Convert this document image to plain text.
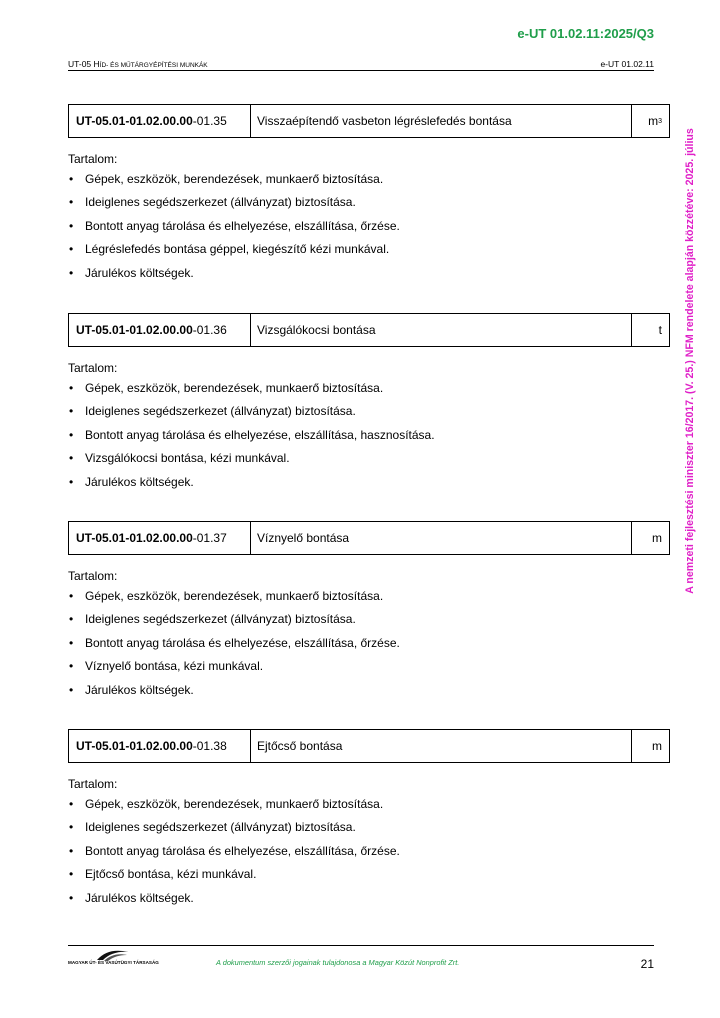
e-UT 01.02.11:2025/Q3
UT-05 HÍD- ÉS MŰTÁRGYÉPÍTÉSI MUNKÁK	e-UT 01.02.11
A nemzeti fejlesztési miniszter 16/2017. (V. 25.) NFM rendelete alapján közzétéve: 2025. július
UT-05.01-01.02.00.00 -01.35	Visszaépítendő vasbeton légréslefedés bontása	m 3
Tartalom:
• Gépek, eszközök, berendezések, munkaerő biztosítása.
• Ideiglenes segédszerkezet (állványzat) biztosítása.
• Bontott anyag tárolása és elhelyezése, elszállítása, őrzése.
• Légréslefedés bontása géppel, kiegészítő kézi munkával.
• Járulékos költségek.
UT-05.01-01.02.00.00 -01.36	Vizsgálókocsi bontása	t
Tartalom:
• Gépek, eszközök, berendezések, munkaerő biztosítása.
• Ideiglenes segédszerkezet (állványzat) biztosítása.
• Bontott anyag tárolása és elhelyezése, elszállítása, hasznosítása.
• Vizsgálókocsi bontása, kézi munkával.
• Járulékos költségek.
UT-05.01-01.02.00.00 -01.37	Víznyelő bontása	m
Tartalom:
• Gépek, eszközök, berendezések, munkaerő biztosítása.
• Ideiglenes segédszerkezet (állványzat) biztosítása.
• Bontott anyag tárolása és elhelyezése, elszállítása, őrzése.
• Víznyelő bontása, kézi munkával.
• Járulékos költségek.
UT-05.01-01.02.00.00 -01.38	Ejtőcső bontása	m
Tartalom:
• Gépek, eszközök, berendezések, munkaerő biztosítása.
• Ideiglenes segédszerkezet (állványzat) biztosítása.
• Bontott anyag tárolása és elhelyezése, elszállítása, őrzése.
• Ejtőcső bontása, kézi munkával.
• Járulékos költségek.
MAGYAR ÚT- ÉS VASÚTÜGYI TÁRSASÁG	A dokumentum szerzői jogainak tulajdonosa a Magyar Közút Nonprofit Zrt.	21
